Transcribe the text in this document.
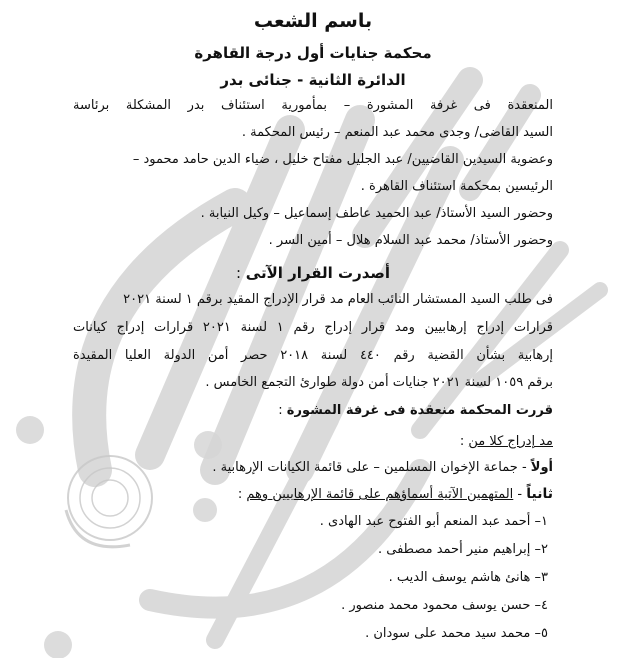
باسم الشعب
محكمة جنايات أول درجة القاهرة
الدائرة الثانية - جنائى بدر
المنعقدة فى غرفة المشورة – بمأمورية استئناف بدر المشكلة برئاسة
السيد القاضى/ وجدى محمد عبد المنعم – رئيس المحكمة .
وعضوية السيدين القاضيين/ عبد الجليل مفتاح خليل ، ضياء الدين حامد محمود –
الرئيسين بمحكمة استئناف القاهرة .
وحضور السيد الأستاذ/ عبد الحميد عاطف إسماعيل – وكيل النيابة .
وحضور الأستاذ/ محمد عبد السلام هلال – أمين السر .
أصدرت القرار الآتى :
فى طلب السيد المستشار النائب العام مد قرار الإدراج المقيد برقم ١ لسنة ٢٠٢١
قرارات إدراج إرهابيين ومد قرار إدراج رقم ١ لسنة ٢٠٢١ قرارات إدراج كيانات
إرهابية بشأن القضية رقم ٤٤٠ لسنة ٢٠١٨ حصر أمن الدولة العليا المقيدة
برقم ١٠٥٩ لسنة ٢٠٢١ جنايات أمن دولة طوارئ التجمع الخامس .
قررت المحكمة منعقدة فى غرفة المشورة :
مد إدراج كلا من :
أولاً - جماعة الإخوان المسلمين – على قائمة الكيانات الإرهابية .
ثانياً - المتهمين الآتية أسماؤهم على قائمة الإرهابيين وهم :
١– أحمد عبد المنعم أبو الفتوح عبد الهادى .
٢– إبراهيم منير أحمد مصطفى .
٣– هانئ هاشم يوسف الديب .
٤– حسن يوسف محمود محمد منصور .
٥– محمد سيد محمد على سودان .
